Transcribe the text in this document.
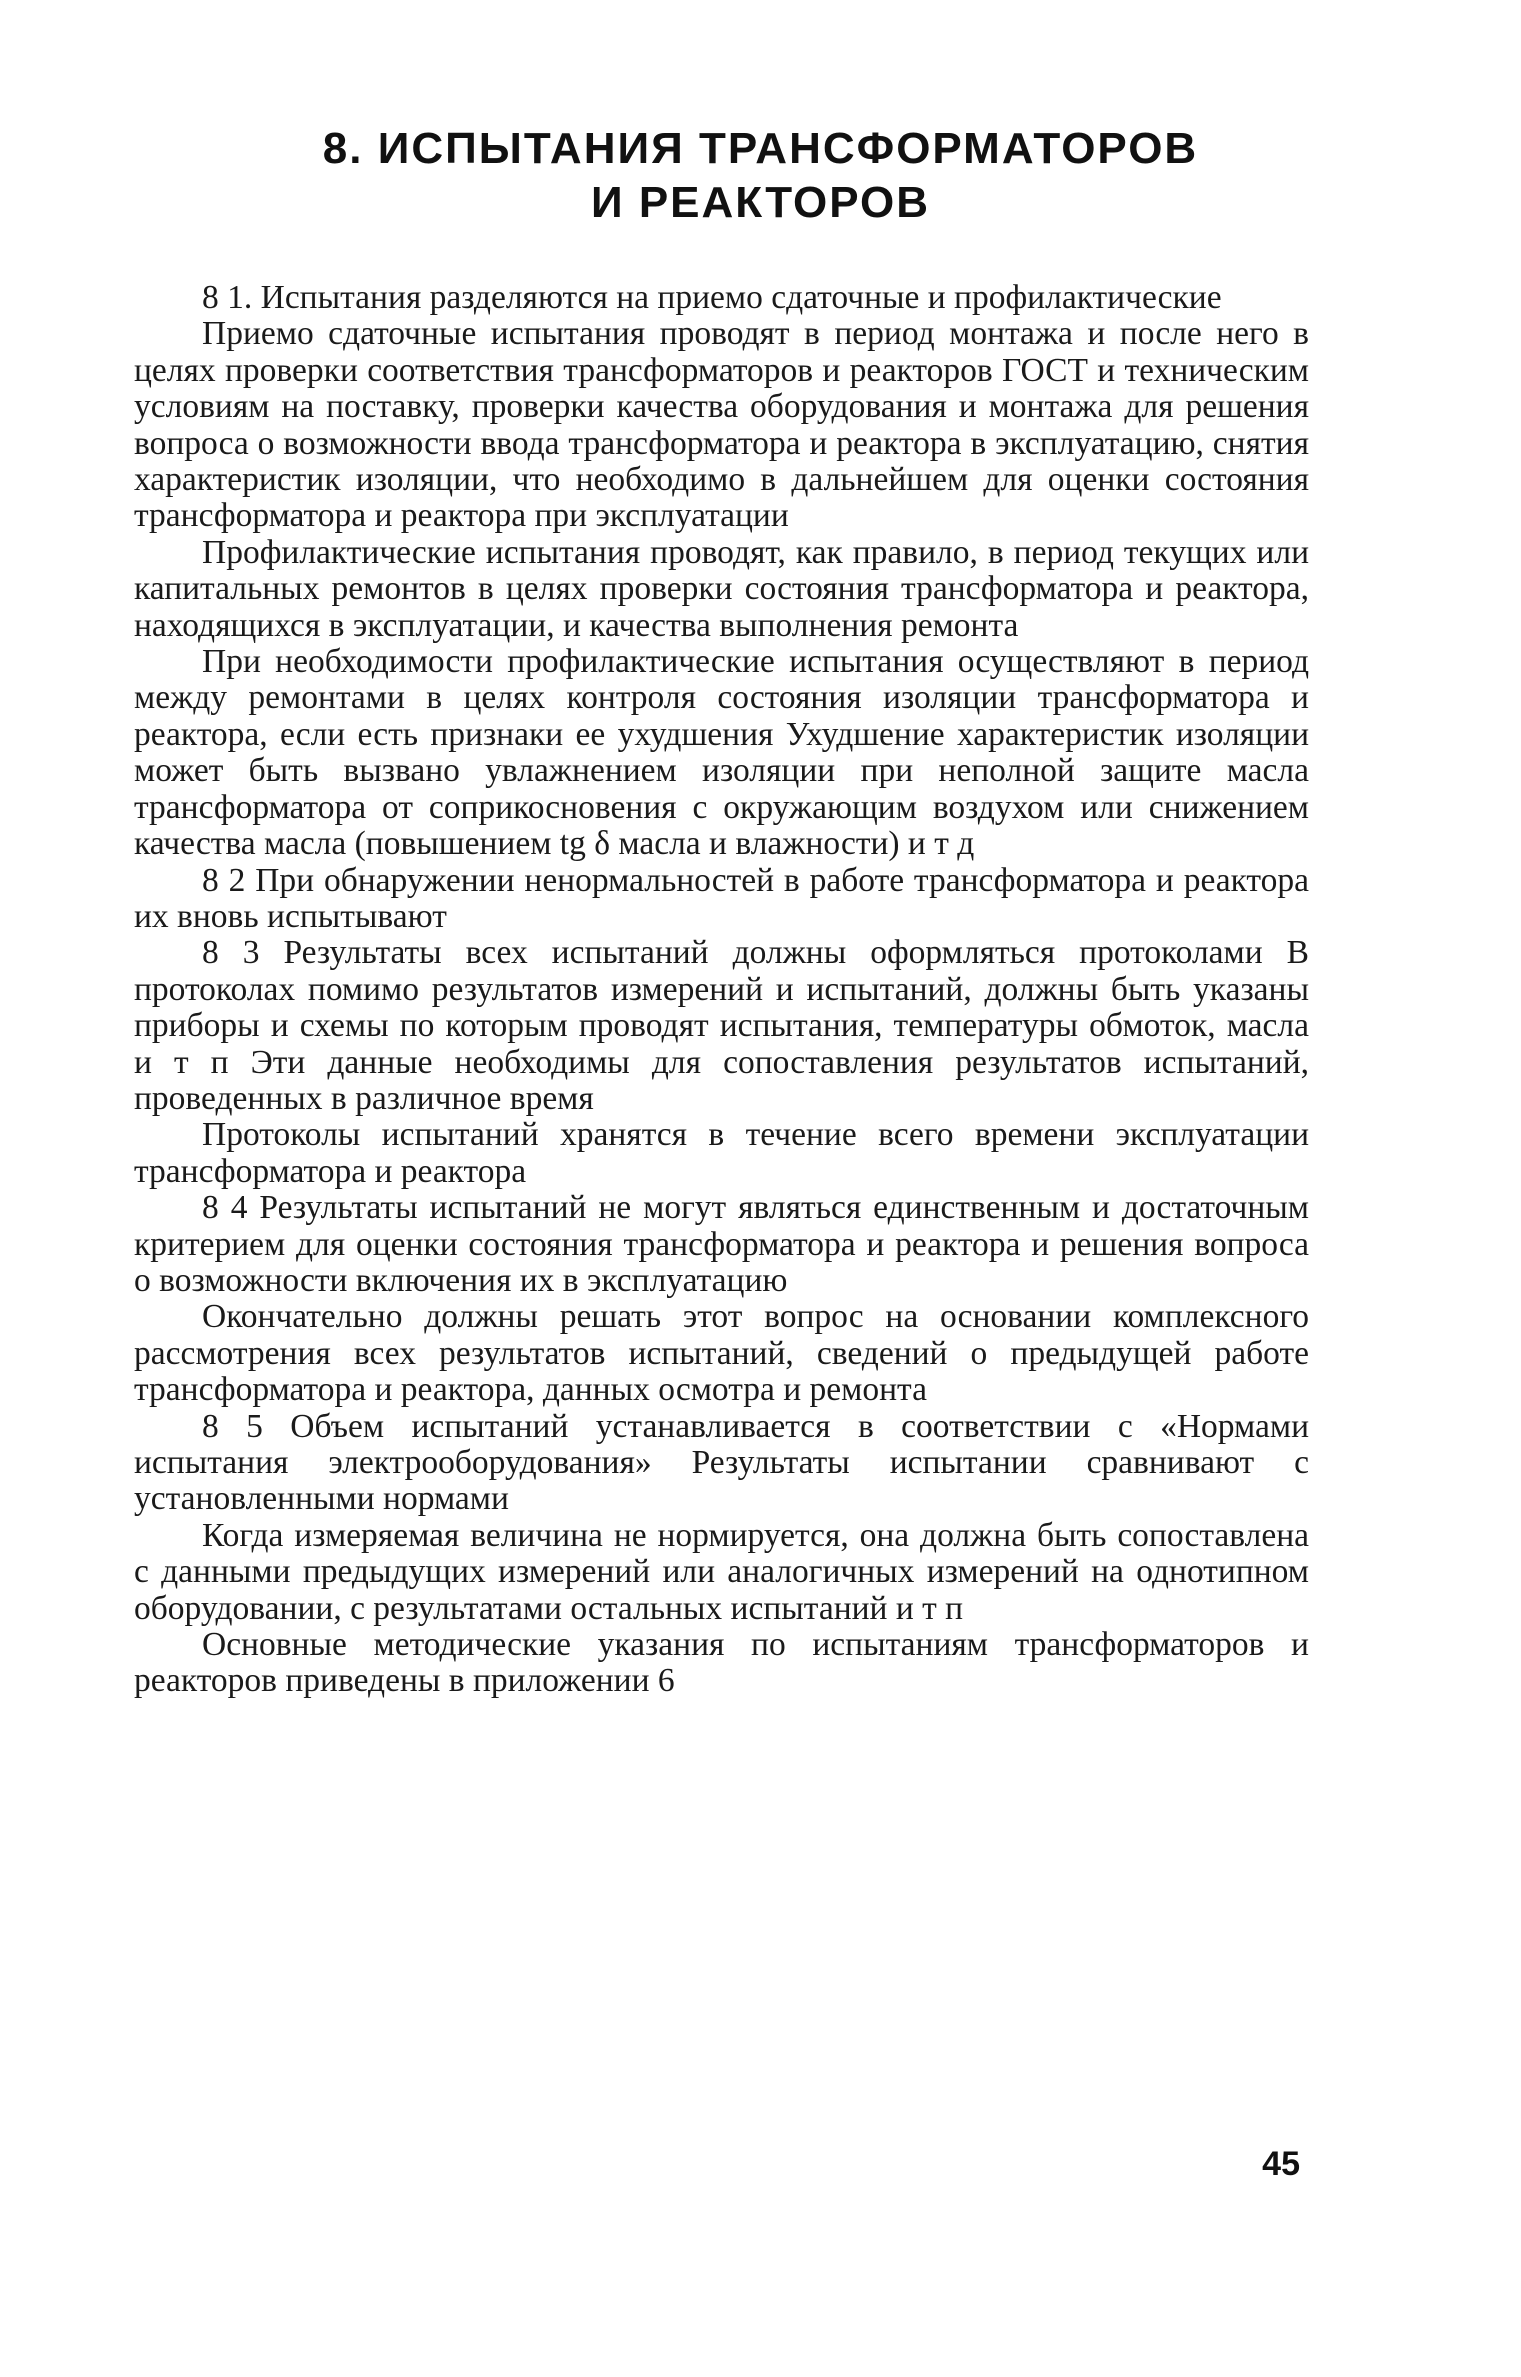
8. ИСПЫТАНИЯ ТРАНСФОРМАТОРОВ
И РЕАКТОРОВ

8 1. Испытания разделяются на приемо сдаточные и профилактические

Приемо сдаточные испытания проводят в период монтажа и после него в целях проверки соответствия трансформаторов и реакторов ГОСТ и техническим условиям на поставку, проверки качества оборудования и монтажа для решения вопроса о возможности ввода трансформатора и реактора в эксплуатацию, снятия характеристик изоляции, что необходимо в дальнейшем для оценки состояния трансформатора и реактора при эксплуатации

Профилактические испытания проводят, как правило, в период текущих или капитальных ремонтов в целях проверки состояния трансформатора и реактора, находящихся в эксплуатации, и качества выполнения ремонта

При необходимости профилактические испытания осуществляют в период между ремонтами в целях контроля состояния изоляции трансформатора и реактора, если есть признаки ее ухудшения Ухудшение характеристик изоляции может быть вызвано увлажнением изоляции при неполной защите масла трансформатора от соприкосновения с окружающим воздухом или снижением качества масла (повышением tg δ масла и влажности) и т д

8 2 При обнаружении ненормальностей в работе трансформатора и реактора их вновь испытывают

8 3 Результаты всех испытаний должны оформляться протоколами В протоколах помимо результатов измерений и испытаний, должны быть указаны приборы и схемы по которым проводят испытания, температуры обмоток, масла и т п Эти данные необходимы для сопоставления результатов испытаний, проведенных в различное время

Протоколы испытаний хранятся в течение всего времени эксплуатации трансформатора и реактора

8 4 Результаты испытаний не могут являться единственным и достаточным критерием для оценки состояния трансформатора и реактора и решения вопроса о возможности включения их в эксплуатацию

Окончательно должны решать этот вопрос на основании комплексного рассмотрения всех результатов испытаний, сведений о предыдущей работе трансформатора и реактора, данных осмотра и ремонта

8 5 Объем испытаний устанавливается в соответствии с «Нормами испытания электрооборудования» Результаты испытании сравнивают с установленными нормами

Когда измеряемая величина не нормируется, она должна быть сопоставлена с данными предыдущих измерений или аналогичных измерений на однотипном оборудовании, с результатами остальных испытаний и т п

Основные методические указания по испытаниям трансформаторов и реакторов приведены в приложении 6

45
